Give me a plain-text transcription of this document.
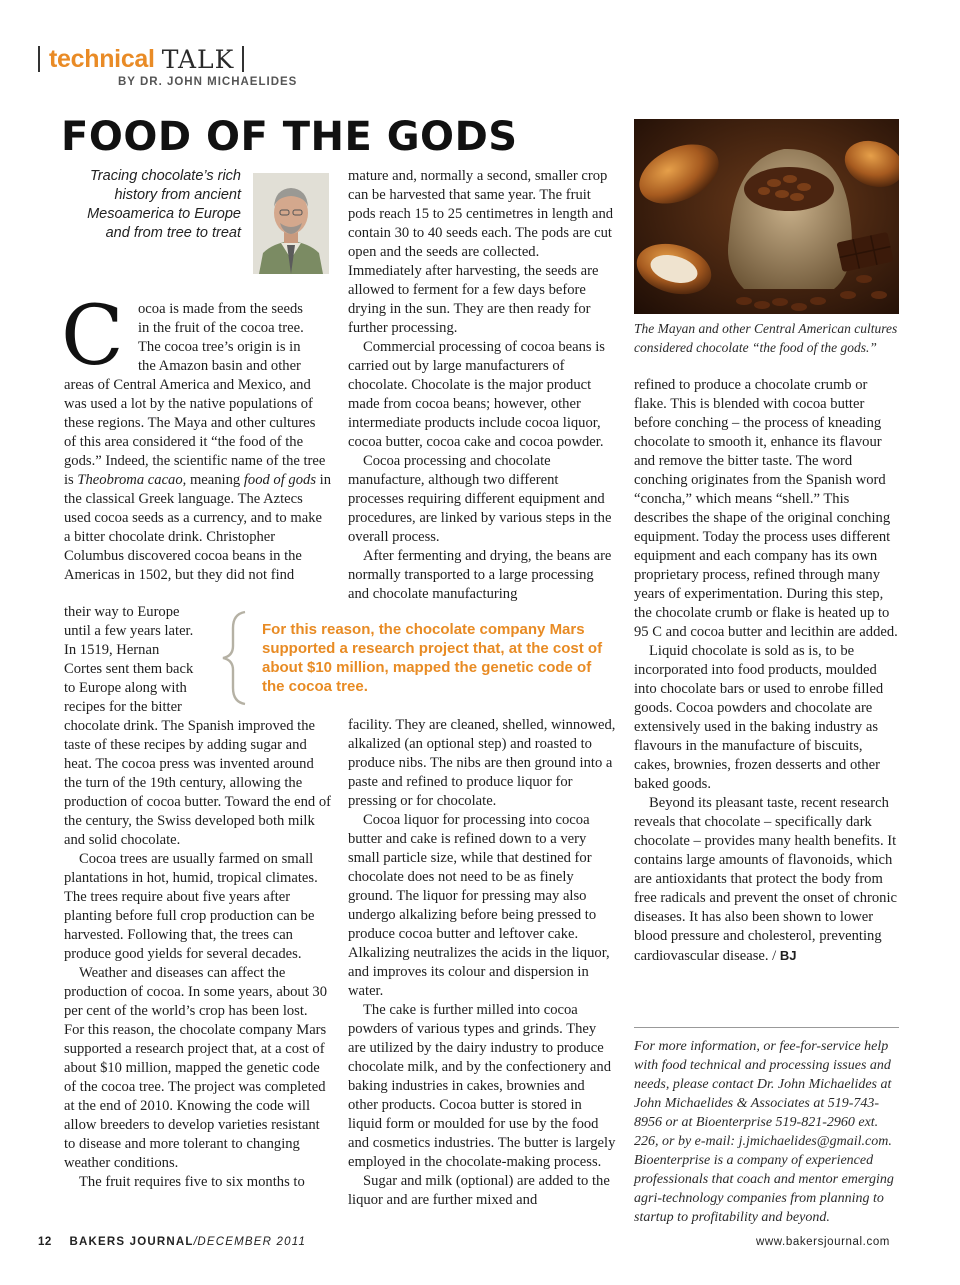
technical TALK
BY DR. JOHN MICHAELIDES
FOOD OF THE GODS
Tracing chocolate’s rich history from ancient Mesoamerica to Europe and from tree to treat
C ocoa is made from the seeds
in the fruit of the cocoa tree.
The cocoa tree’s origin is in
the Amazon basin and other

areas of Central America and Mexico, and was used a lot by the native populations of these regions. The Maya and other cultures of this area considered it “the food of the gods.” Indeed, the scientific name of the tree is Theobroma cacao, meaning food of gods in the classical Greek language. The Aztecs used cocoa seeds as a currency, and to make a bitter chocolate drink. Christopher Columbus discovered cocoa beans in the Americas in 1502, but they did not find

their way to Europe
until a few years later.
In 1519, Hernan
Cortes sent them back
to Europe along with
recipes for the bitter

chocolate drink. The Spanish improved the taste of these recipes by adding sugar and heat. The cocoa press was invented around the turn of the 19th century, allowing the production of cocoa butter. Toward the end of the century, the Swiss developed both milk and solid chocolate.

Cocoa trees are usually farmed on small plantations in hot, humid, tropical climates. The trees require about five years after planting before full crop production can be harvested. Following that, the trees can produce good yields for several decades.

Weather and diseases can affect the production of cocoa. In some years, about 30 per cent of the world’s crop has been lost. For this reason, the chocolate company Mars supported a research project that, at a cost of about $10 million, mapped the genetic code of the cocoa tree. The project was completed at the end of 2010. Knowing the code will allow breeders to develop varieties resistant to disease and more tolerant to changing weather conditions.

The fruit requires five to six months to

For this reason, the chocolate company Mars supported a research project that, at the cost of about $10 million, mapped the genetic code of the cocoa tree.

mature and, normally a second, smaller crop can be harvested that same year. The fruit pods reach 15 to 25 centimetres in length and contain 30 to 40 seeds each. The pods are cut open and the seeds are collected. Immediately after harvesting, the seeds are allowed to ferment for a few days before drying in the sun. They are then ready for further processing.

Commercial processing of cocoa beans is carried out by large manufacturers of chocolate. Chocolate is the major product made from cocoa beans; however, other intermediate products include cocoa liquor, cocoa butter, cocoa cake and cocoa powder.

Cocoa processing and chocolate manufacture, although two different processes requiring different equipment and procedures, are linked by various steps in the overall process.

After fermenting and drying, the beans are normally transported to a large processing and chocolate manufacturing

facility. They are cleaned, shelled, winnowed, alkalized (an optional step) and roasted to produce nibs. The nibs are then ground into a paste and refined to produce liquor for pressing or for chocolate.

Cocoa liquor for processing into cocoa butter and cake is refined down to a very small particle size, while that destined for chocolate does not need to be as finely ground. The liquor for pressing may also undergo alkalizing before being pressed to produce cocoa butter and leftover cake. Alkalizing neutralizes the acids in the liquor, and improves its colour and dispersion in water.

The cake is further milled into cocoa powders of various types and grinds. They are utilized by the dairy industry to produce chocolate milk, and by the confectionery and baking industries in cakes, brownies and other products. Cocoa butter is stored in liquid form or moulded for use by the food and cosmetics industries. The butter is largely employed in the chocolate-making process.

Sugar and milk (optional) are added to the liquor and are further mixed and

The Mayan and other Central American cultures considered chocolate “the food of the gods.”

refined to produce a chocolate crumb or flake. This is blended with cocoa butter before conching – the process of kneading chocolate to smooth it, enhance its flavour and remove the bitter taste. The word conching originates from the Spanish word “concha,” which means “shell.” This describes the shape of the original conching equipment. Today the process uses different equipment and each company has its own proprietary process, refined through many years of experimentation. During this step, the chocolate crumb or flake is heated up to 95 C and cocoa butter and lecithin are added.

Liquid chocolate is sold as is, to be incorporated into food products, moulded into chocolate bars or used to enrobe filled goods. Cocoa powders and chocolate are extensively used in the baking industry as flavours in the manufacture of biscuits, cakes, brownies, frozen desserts and other baked goods.

Beyond its pleasant taste, recent research reveals that chocolate – specifically dark chocolate – provides many health benefits. It contains large amounts of flavonoids, which are antioxidants that protect the body from free radicals and prevent the onset of chronic diseases. It has also been shown to lower blood pressure and cholesterol, preventing cardiovascular disease. / BJ

For more information, or fee-for-service help with food technical and processing issues and needs, please contact Dr. John Michaelides at John Michaelides & Associates at 519-743-8956 or at Bioenterprise 519-821-2960 ext. 226, or by e-mail: j.jmichaelides@gmail.com. Bioenterprise is a company of experienced professionals that coach and mentor emerging agri-technology companies from planning to startup to profitability and beyond.
12 BAKERS JOURNAL/DECEMBER 2011	www.bakersjournal.com
